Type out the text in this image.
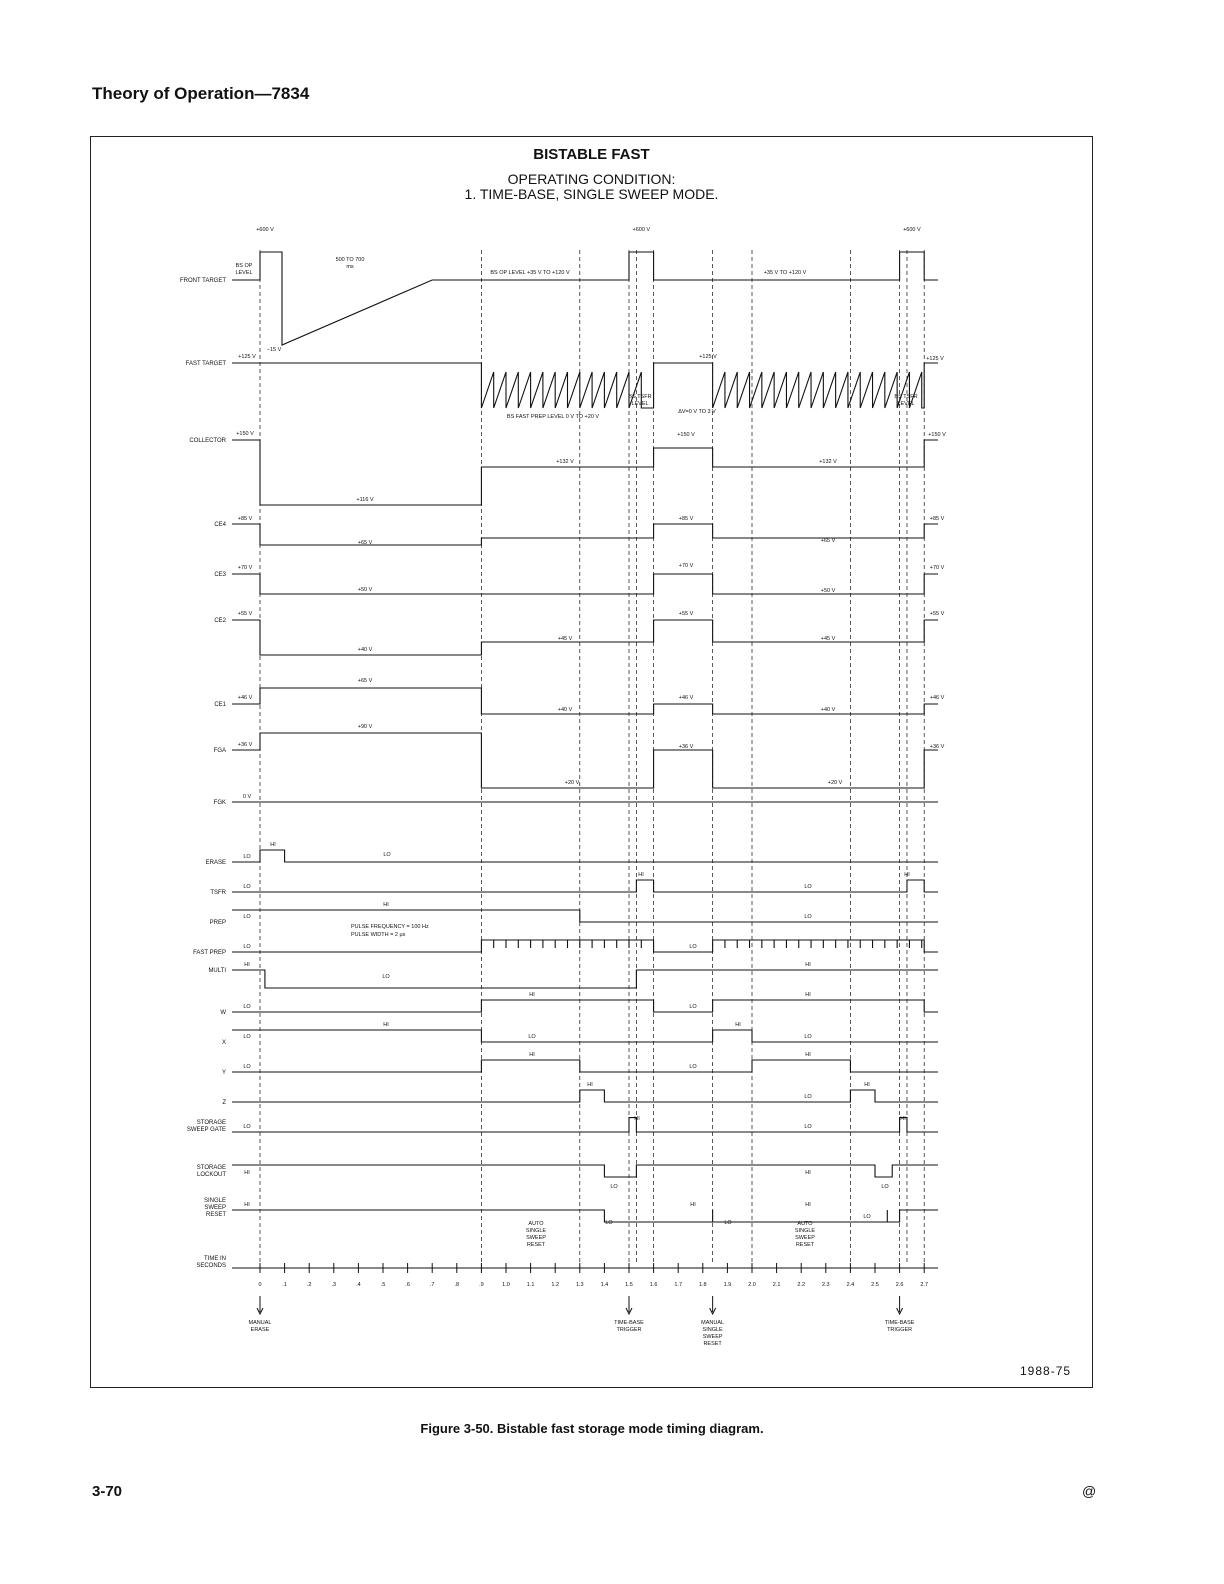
Theory of Operation—7834
BISTABLE FAST
OPERATING CONDITION:
1. TIME-BASE, SINGLE SWEEP MODE.
FRONT TARGET
FAST TARGET
COLLECTOR
CE4
CE3
CE2
CE1
FGA
FGK
ERASE
TSFR
PREP
FAST PREP
MULTI
W
X
Y
Z
STORAGE SWEEP GATE
STORAGE LOCKOUT
SINGLE SWEEP RESET
TIME IN SECONDS
+600 V	+600 V	+600 V
BS OP LEVEL
500 TO 700 ms
BS OP LEVEL +35 V TO +120 V	+35 V TO +120 V
−15 V
+125 V	+125 V	+125 V
BS TSFR LEVEL
BS TSFR LEVEL
BS FAST PREP LEVEL 0 V TO +20 V
ΔV=0 V TO 3 V
+150 V	+150 V	+150 V
+132 V	+132 V
+116 V
+85 V	+85 V	+85 V
+65 V	+65 V
+70 V	+70 V	+70 V
+50 V	+50 V
+55 V	+55 V	+55 V
+45 V	+45 V
+40 V
+46 V	+46 V	+46 V
+65 V
+40 V	+40 V
+36 V	+36 V	+36 V
+90 V
+20 V	+20 V
0 V
LO
HI
LO
LO
HI
LO
HI
LO
HI
LO
PULSE FREQUENCY = 100 Hz
PULSE WIDTH = 2 μs
LO	LO
HI
LO
HI
LO
HI
LO
HI
LO
HI
LO
HI
LO
LO
HI
LO
HI
HI
LO
HI
LO
HI
LO
HI
HI
LO
HI
LO
HI
LO
HI
LO
HI
LO
AUTO SINGLE SWEEP RESET
AUTO SINGLE SWEEP RESET
0	.1	.2	.3	.4	.5	.6	.7	.8	.9	1.0	1.1	1.2	1.3	1.4	1.5	1.6	1.7	1.8	1.9	2.0	2.1	2.2	2.3	2.4	2.5	2.6	2.7
MANUAL ERASE
TIME-BASE TRIGGER
MANUAL SINGLE SWEEP RESET
TIME-BASE TRIGGER
1988-75
Figure 3-50. Bistable fast storage mode timing diagram.
3-70	@
